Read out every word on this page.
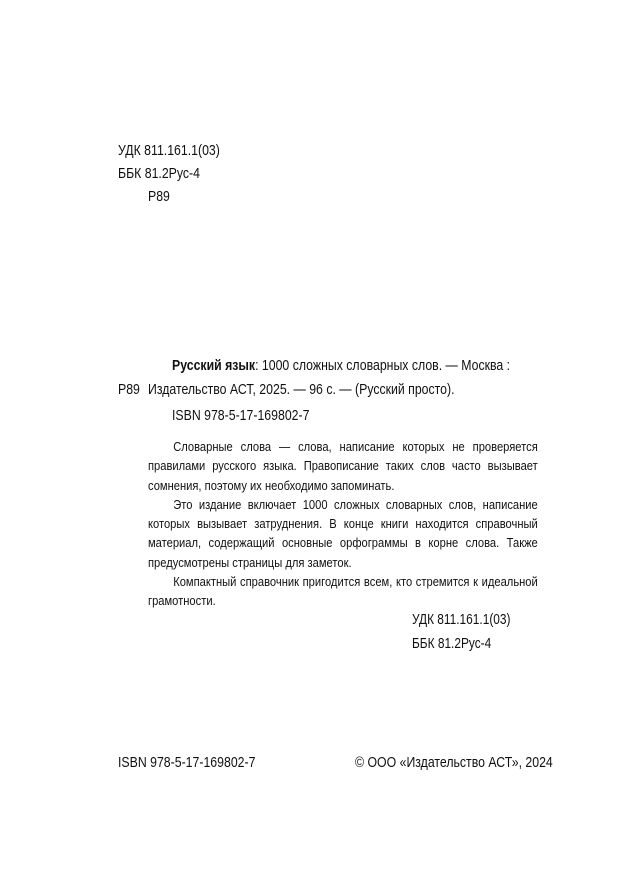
УДК 811.161.1(03)
ББК 81.2Рус-4
Р89
Русский язык: 1000 сложных словарных слов. — Москва :
Р89 Издательство АСТ, 2025. — 96 с. — (Русский просто).
ISBN 978-5-17-169802-7

Словарные слова — слова, написание которых не проверяется правилами русского языка. Правописание таких слов часто вызывает сомнения, поэтому их необходимо запоминать.

Это издание включает 1000 сложных словарных слов, написание которых вызывает затруднения. В конце книги находится справочный материал, содержащий основные орфограммы в корне слова. Также предусмотрены страницы для заметок.

Компактный справочник пригодится всем, кто стремится к идеальной грамотности.

УДК 811.161.1(03)
ББК 81.2Рус-4
ISBN 978-5-17-169802-7	© ООО «Издательство АСТ», 2024
